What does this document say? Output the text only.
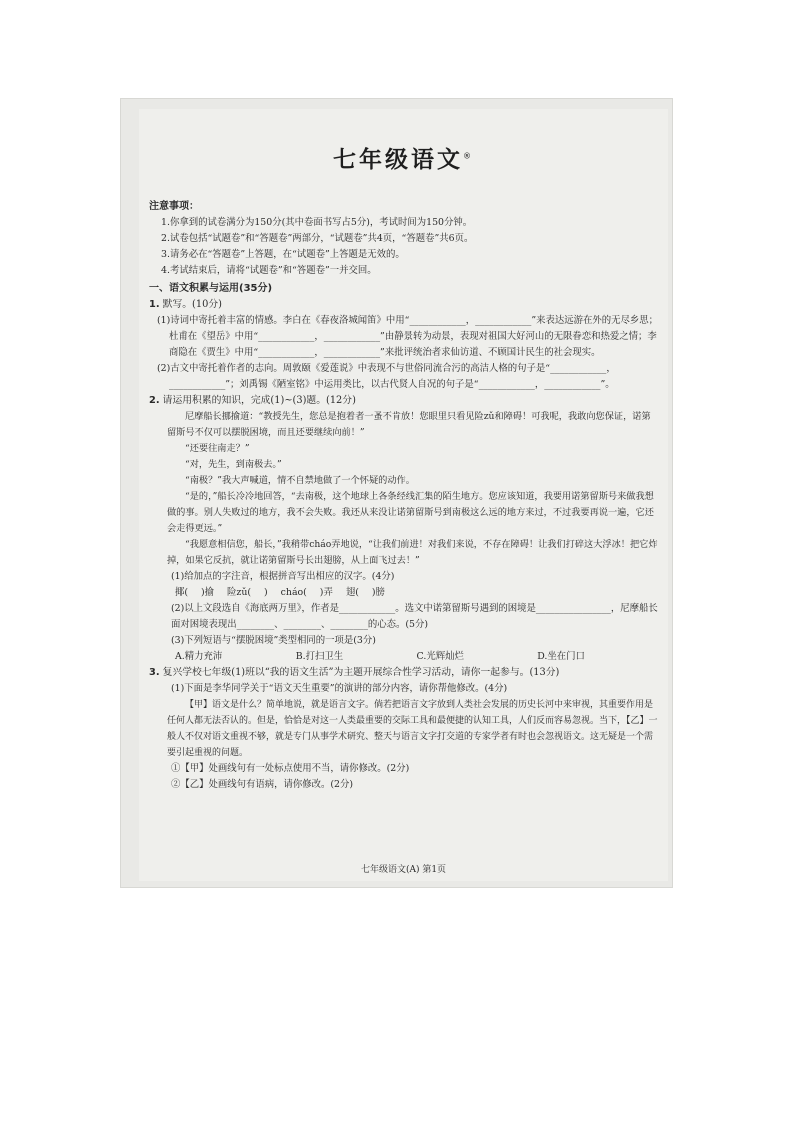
七年级语文®
注意事项：
1.你拿到的试卷满分为150分(其中卷面书写占5分)，考试时间为150分钟。
2.试卷包括“试题卷”和“答题卷”两部分，“试题卷”共4页，“答题卷”共6页。
3.请务必在“答题卷”上答题，在“试题卷”上答题是无效的。
4.考试结束后，请将“试题卷”和“答题卷”一并交回。
一、语文积累与运用(35分)
1. 默写。(10分)
(1)诗词中寄托着丰富的情感。李白在《春夜洛城闻笛》中用“____________，____________”来表达远游在外的无尽乡思；杜甫在《望岳》中用“____________，____________”由静景转为动景，表现对祖国大好河山的无限眷恋和热爱之情；李商隐在《贾生》中用“____________，____________”来批评统治者求仙访道、不顾国计民生的社会现实。
(2)古文中寄托着作者的志向。周敦颐《爱莲说》中表现不与世俗同流合污的高洁人格的句子是“____________，____________”；刘禹锡《陋室铭》中运用类比，以古代贤人自况的句子是“____________，____________”。
2. 请运用积累的知识，完成(1)~(3)题。(12分)
尼摩船长挪揄道：“教授先生，您总是抱着者一蚤不肯放！您眼里只看见险zǔ和障碍！可我呢，我敢向您保证，诺第留斯号不仅可以摆脱困境，而且还要继续向前！”
“还要往南走？”
“对，先生，到南极去。”
“南极？”我大声喊道，情不自禁地做了一个怀疑的动作。
“是的，”船长冷冷地回答，“去南极，这个地球上各条经线汇集的陌生地方。您应该知道，我要用诺第留斯号来做我想做的事。别人失败过的地方，我不会失败。我还从来没让诺第留斯号到南极这么远的地方来过，不过我要再说一遍，它还会走得更远。”
“我愿意相信您，船长，”我稍带cháo弄地说，“让我们前进！对我们来说，不存在障碍！让我们打碎这大浮冰！把它炸掉，如果它反抗，就让诺第留斯号长出翅膀，从上面飞过去！”
(1)给加点的字注音，根据拼音写出相应的汉字。(4分)
揶( )揄 险zǔ( ) cháo( )弄 翅( )膀
(2)以上文段选自《海底两万里》，作者是____________。选文中诺第留斯号遇到的困境是________________，尼摩船长面对困境表现出________、________、________的心态。(5分)
(3)下列短语与“摆脱困境”类型相同的一项是(3分)
A.精力充沛	B.打扫卫生	C.光辉灿烂	D.坐在门口
3. 复兴学校七年级(1)班以“我的语文生活”为主题开展综合性学习活动，请你一起参与。(13分)
(1)下面是李华同学关于“语文天生重要”的演讲的部分内容，请你帮他修改。(4分)
【甲】语文是什么？简单地说，就是语言文字。倘若把语言文字放到人类社会发展的历史长河中来审视，其重要作用是任何人都无法否认的。但是，恰恰是对这一人类最重要的交际工具和最便捷的认知工具，人们反而容易忽视。当下，【乙】一般人不仅对语文重视不够，就是专门从事学术研究、整天与语言文字打交道的专家学者有时也会忽视语文。这无疑是一个需要引起重视的问题。
①【甲】处画线句有一处标点使用不当，请你修改。(2分)
②【乙】处画线句有语病，请你修改。(2分)
七年级语文(A) 第1页
